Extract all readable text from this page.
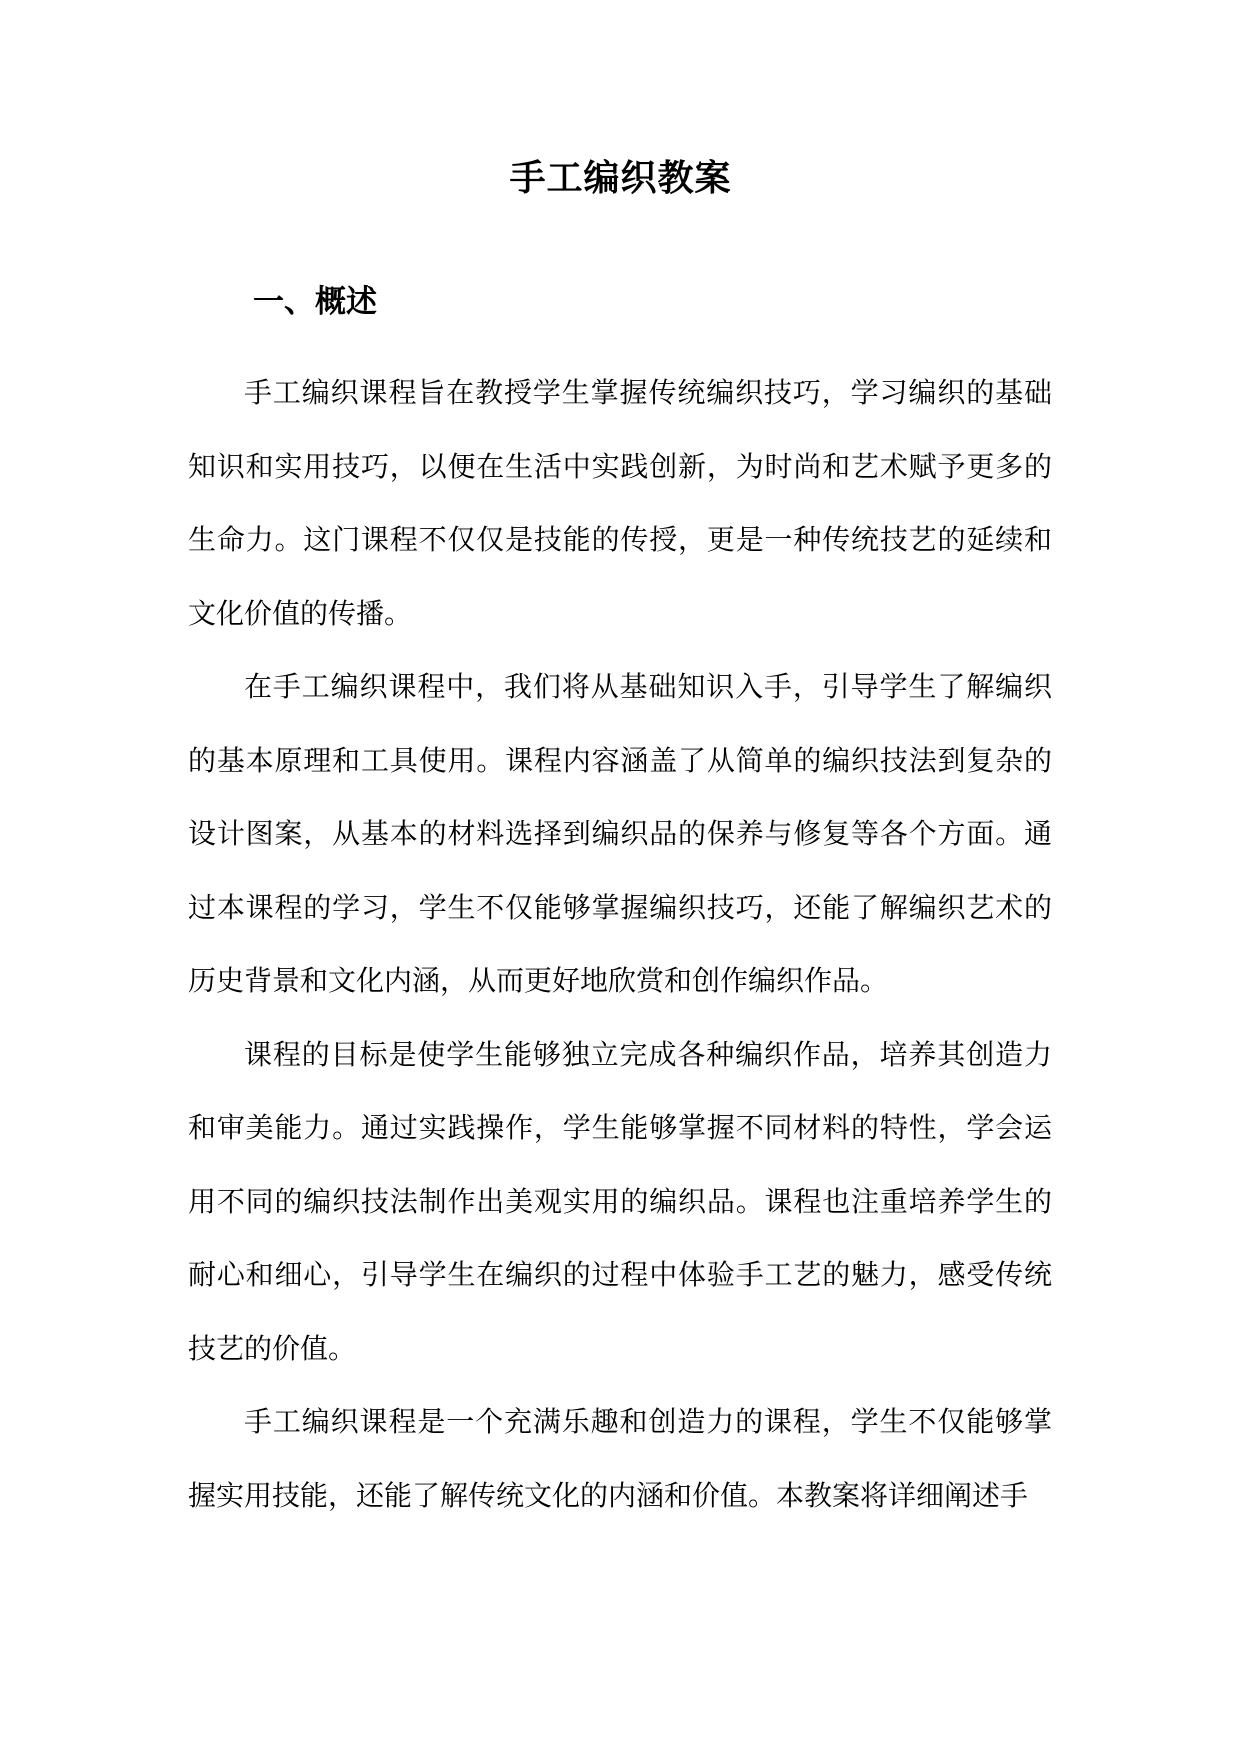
手工编织教案
一、概述

手工编织课程旨在教授学生掌握传统编织技巧，学习编织的基础知识和实用技巧，以便在生活中实践创新，为时尚和艺术赋予更多的生命力。这门课程不仅仅是技能的传授，更是一种传统技艺的延续和文化价值的传播。

在手工编织课程中，我们将从基础知识入手，引导学生了解编织的基本原理和工具使用。课程内容涵盖了从简单的编织技法到复杂的设计图案，从基本的材料选择到编织品的保养与修复等各个方面。通过本课程的学习，学生不仅能够掌握编织技巧，还能了解编织艺术的历史背景和文化内涵，从而更好地欣赏和创作编织作品。

课程的目标是使学生能够独立完成各种编织作品，培养其创造力和审美能力。通过实践操作，学生能够掌握不同材料的特性，学会运用不同的编织技法制作出美观实用的编织品。课程也注重培养学生的耐心和细心，引导学生在编织的过程中体验手工艺的魅力，感受传统技艺的价值。

手工编织课程是一个充满乐趣和创造力的课程，学生不仅能够掌握实用技能，还能了解传统文化的内涵和价值。本教案将详细阐述手
